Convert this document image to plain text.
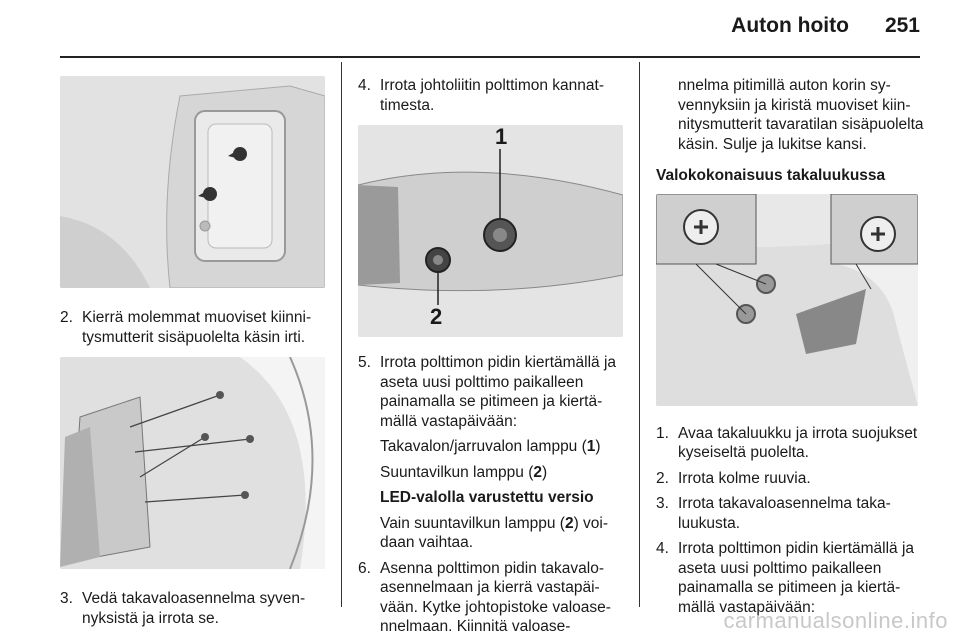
Auton hoito 251
2. Kierrä molemmat muoviset kiinnitysmutterit sisäpuolelta käsin irti.
3. Vedä takavaloasennelma syvennyksistä ja irrota se.
4. Irrota johtoliitin polttimon kannattimesta.
1
2
5. Irrota polttimon pidin kiertämällä ja aseta uusi polttimo paikalleen painamalla se pitimeen ja kiertämällä vastapäivään:
Takavalon/jarruvalon lamppu (1)
Suuntavilkun lamppu (2)
LED-valolla varustettu versio
Vain suuntavilkun lamppu (2) voidaan vaihtaa.
6. Asenna polttimon pidin takavaloasennelmaan ja kierrä vastapäivään. Kytke johtopistoke valoasennelmaan. Kiinnitä valoase-
nnelma pitimillä auton korin syvennyksiin ja kiristä muoviset kiinnitysmutterit tavaratilan sisäpuolelta käsin. Sulje ja lukitse kansi.
Valokokonaisuus takaluukussa
1. Avaa takaluukku ja irrota suojukset kyseiseltä puolelta.
2. Irrota kolme ruuvia.
3. Irrota takavaloasennelma takaluukusta.
4. Irrota polttimon pidin kiertämällä ja aseta uusi polttimo paikalleen painamalla se pitimeen ja kiertämällä vastapäivään:
carmanualsonline.info
